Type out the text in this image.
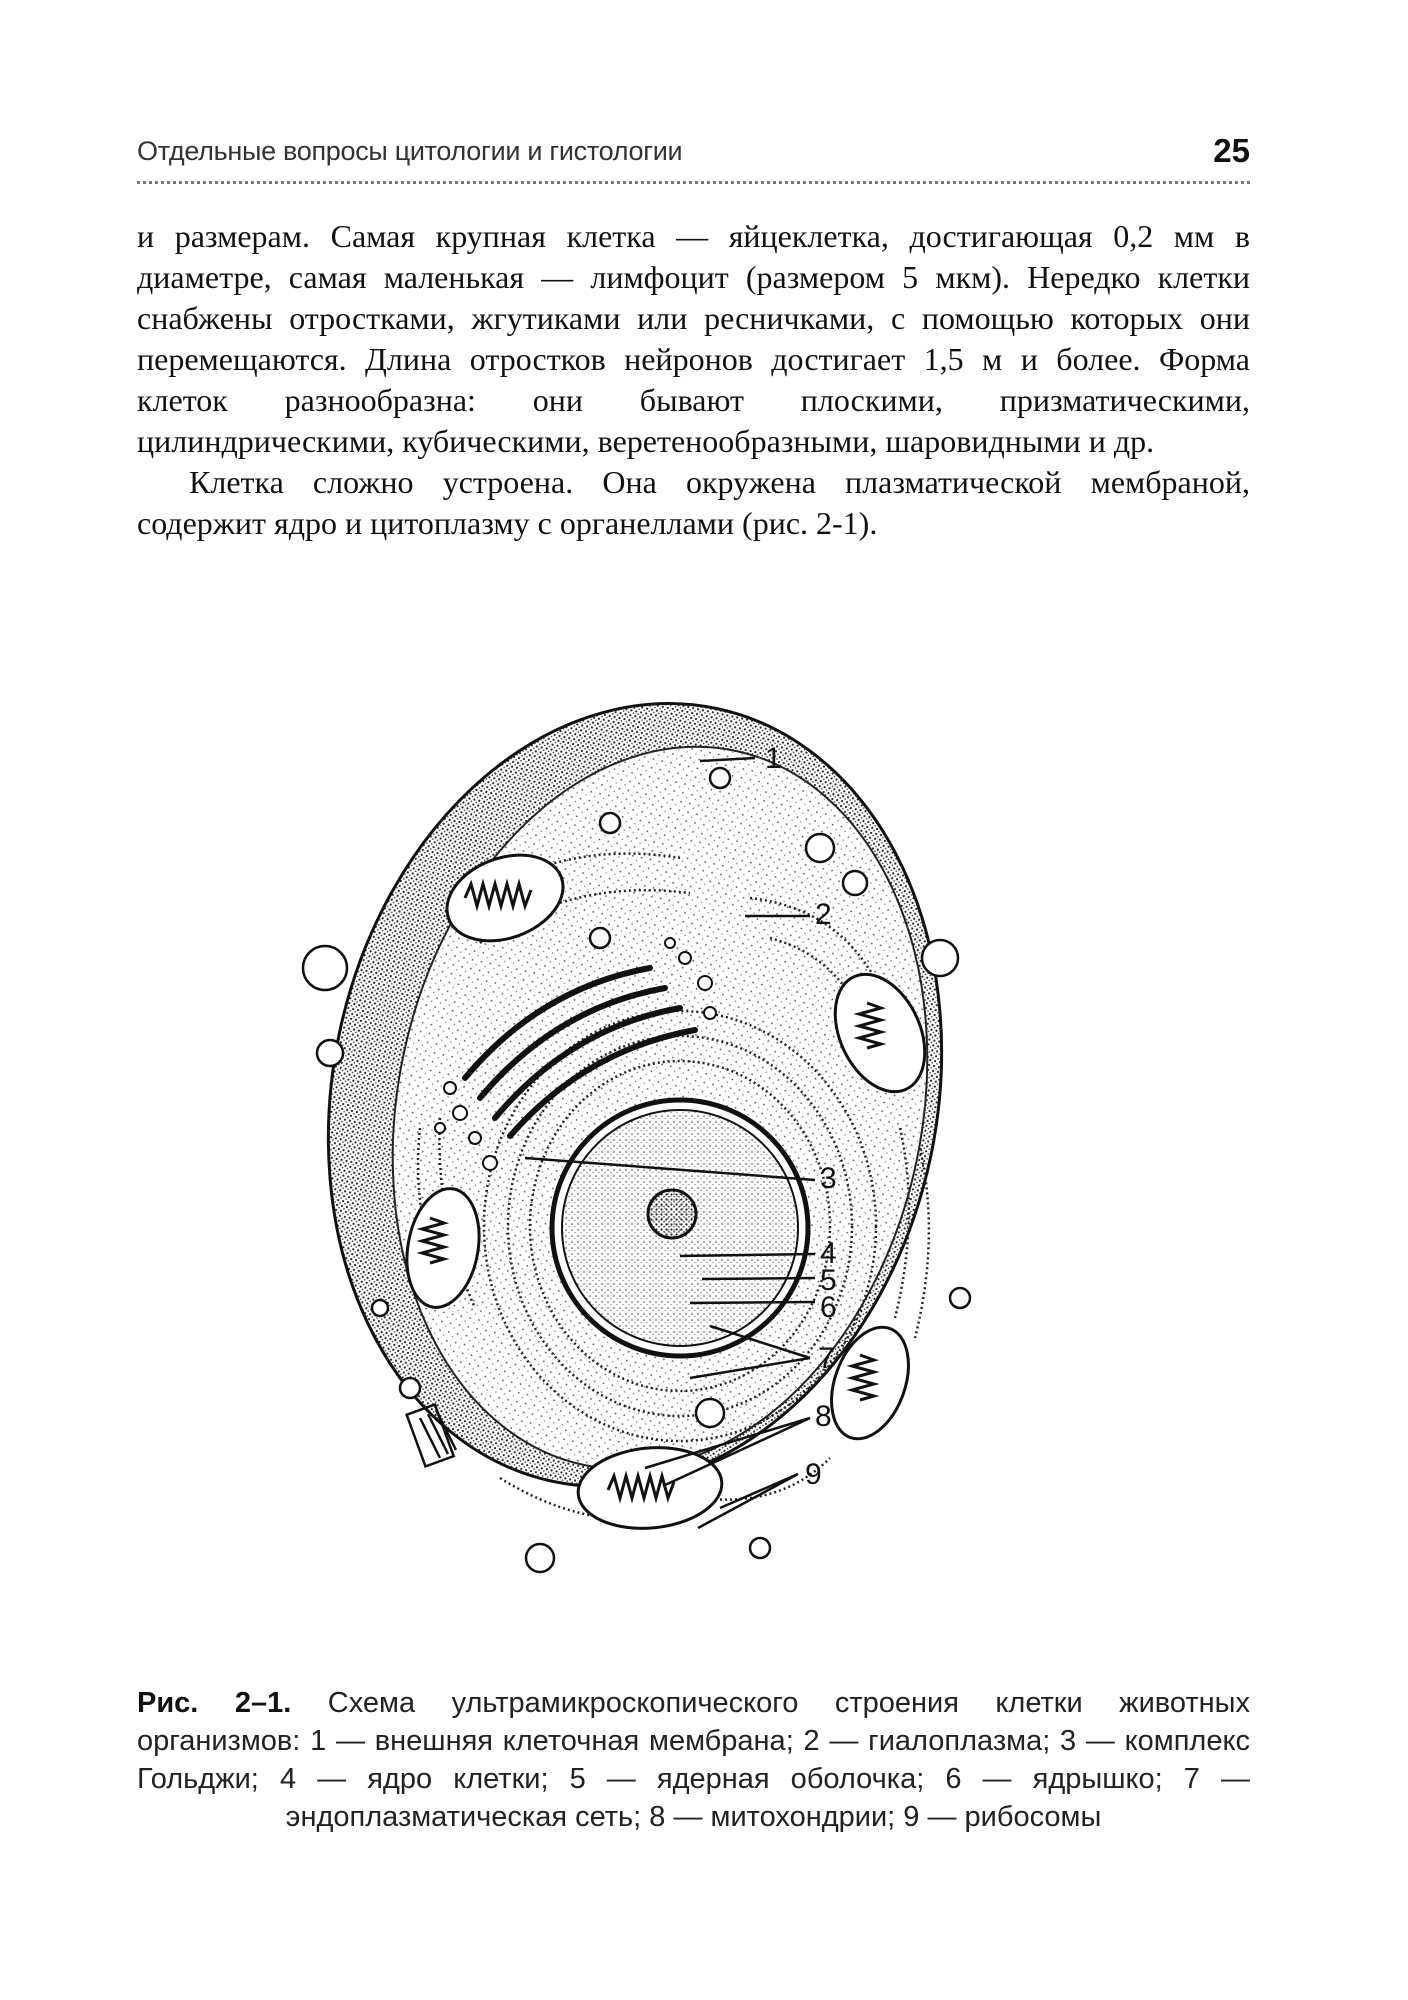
Отдельные вопросы цитологии и гистологии	25

и размерам. Самая крупная клетка — яйцеклетка, достигающая 0,2 мм в диаметре, самая маленькая — лимфоцит (размером 5 мкм). Нередко клетки снабжены отростками, жгутиками или ресничками, с помощью которых они перемещаются. Длина отростков нейронов достигает 1,5 м и более. Форма клеток разнообразна: они бывают плоскими, призматическими, цилиндрическими, кубическими, веретенообразными, шаровидными и др.

Клетка сложно устроена. Она окружена плазматической мембраной, содержит ядро и цитоплазму с органеллами (рис. 2-1).

1
2
3
4
5
6
7
8
9
Рис. 2–1. Схема ультрамикроскопического строения клетки животных организмов: 1 — внешняя клеточная мембрана; 2 — гиалоплазма; 3 — комплекс Гольджи; 4 — ядро клетки; 5 — ядерная оболочка; 6 — ядрышко; 7 — эндоплазматическая сеть; 8 — митохондрии; 9 — рибосомы
